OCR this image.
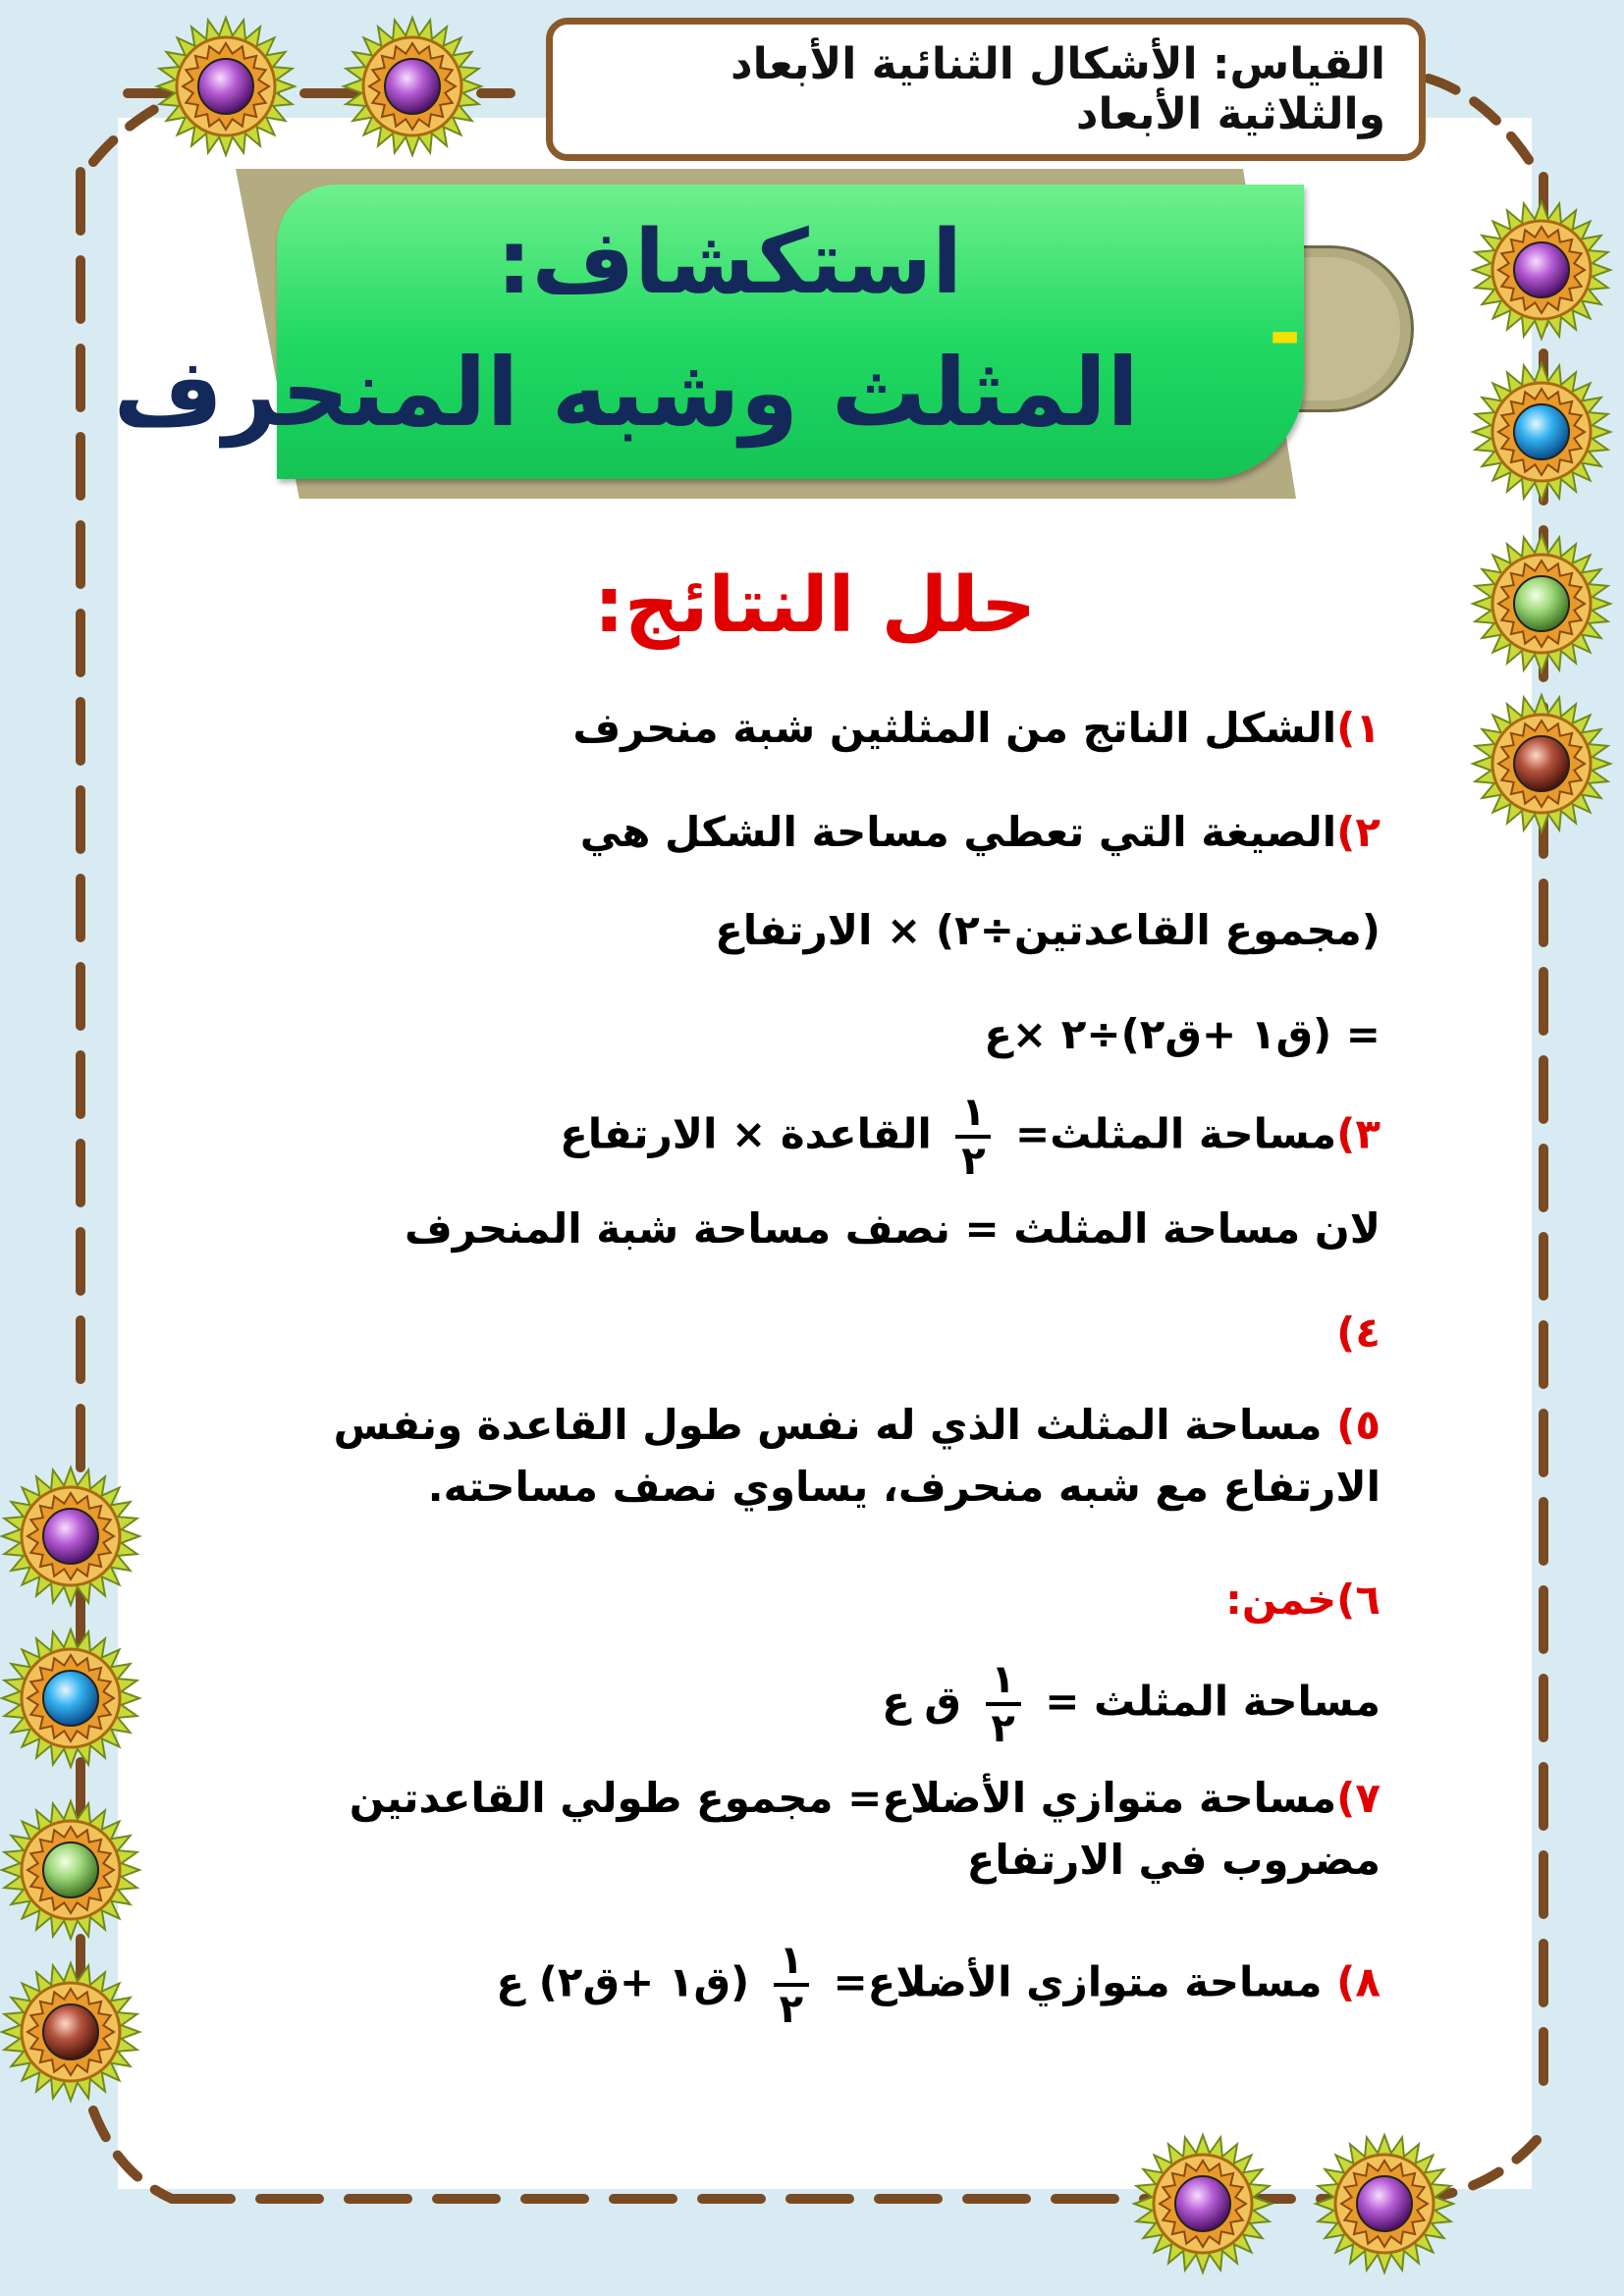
القياس: الأشكال الثنائية الأبعاد والثلاثية الأبعاد
-
استكشاف:
المثلث وشبه المنحرف
حلل النتائج:
١)الشكل الناتج من المثلثين شبة منحرف
٢)الصيغة التي تعطي مساحة الشكل هي
(مجموع القاعدتين÷٢) × الارتفاع
= (ق١ +ق٢)÷٢ ×ع
٣)مساحة المثلث=
$\frac{١}{٢}$
القاعدة × الارتفاع
لان مساحة المثلث = نصف مساحة شبة المنحرف
٤)
٥) مساحة المثلث الذي له نفس طول القاعدة ونفس الارتفاع مع شبه منحرف، يساوي نصف مساحته.
٦)خمن:
مساحة المثلث =
$\frac{١}{٢}$
ق ع
٧)مساحة متوازي الأضلاع= مجموع طولي القاعدتين مضروب في الارتفاع
٨) مساحة متوازي الأضلاع=
$\frac{١}{٢}$
(ق١ +ق٢) ع
